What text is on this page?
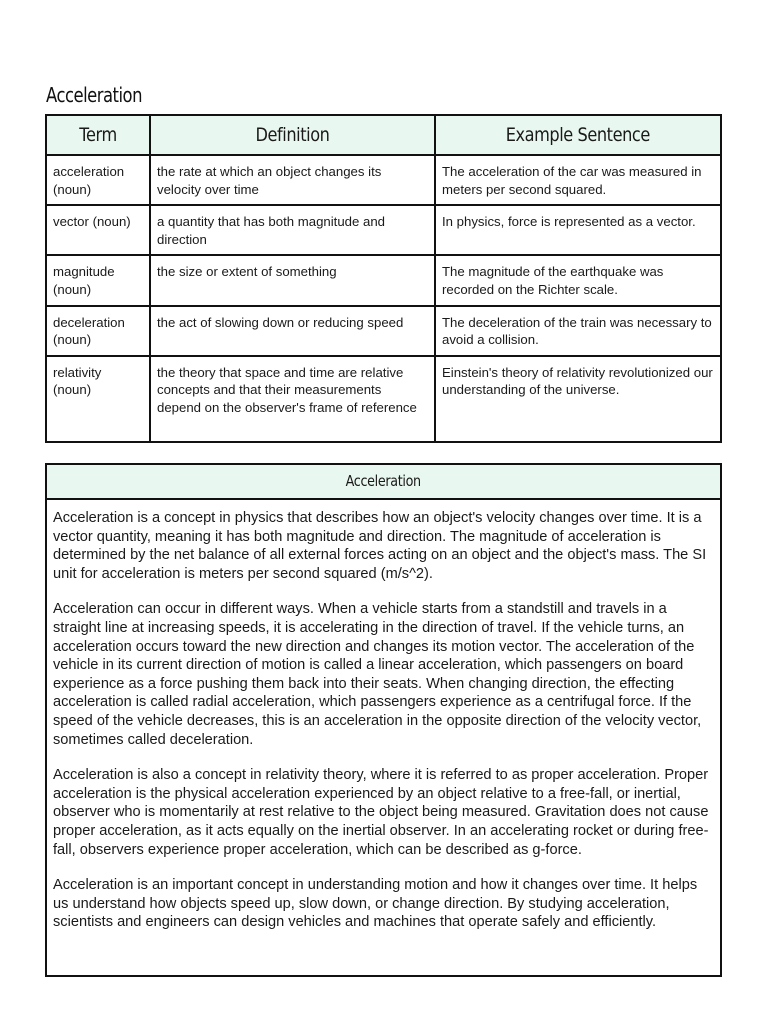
Acceleration
Term	Definition	Example Sentence
acceleration (noun)	the rate at which an object changes its velocity over time	The acceleration of the car was measured in meters per second squared.
vector (noun)	a quantity that has both magnitude and direction	In physics, force is represented as a vector.
magnitude (noun)	the size or extent of something	The magnitude of the earthquake was recorded on the Richter scale.
deceleration (noun)	the act of slowing down or reducing speed	The deceleration of the train was necessary to avoid a collision.
relativity (noun)	the theory that space and time are relative concepts and that their measurements depend on the observer's frame of reference	Einstein's theory of relativity revolutionized our understanding of the universe.
Acceleration

Acceleration is a concept in physics that describes how an object's velocity changes over time. It is a vector quantity, meaning it has both magnitude and direction. The magnitude of acceleration is determined by the net balance of all external forces acting on an object and the object's mass. The SI unit for acceleration is meters per second squared (m/s^2).

Acceleration can occur in different ways. When a vehicle starts from a standstill and travels in a straight line at increasing speeds, it is accelerating in the direction of travel. If the vehicle turns, an acceleration occurs toward the new direction and changes its motion vector. The acceleration of the vehicle in its current direction of motion is called a linear acceleration, which passengers on board experience as a force pushing them back into their seats. When changing direction, the effecting acceleration is called radial acceleration, which passengers experience as a centrifugal force. If the speed of the vehicle decreases, this is an acceleration in the opposite direction of the velocity vector, sometimes called deceleration.

Acceleration is also a concept in relativity theory, where it is referred to as proper acceleration. Proper acceleration is the physical acceleration experienced by an object relative to a free-fall, or inertial, observer who is momentarily at rest relative to the object being measured. Gravitation does not cause proper acceleration, as it acts equally on the inertial observer. In an accelerating rocket or during free-fall, observers experience proper acceleration, which can be described as g-force.

Acceleration is an important concept in understanding motion and how it changes over time. It helps us understand how objects speed up, slow down, or change direction. By studying acceleration, scientists and engineers can design vehicles and machines that operate safely and efficiently.
